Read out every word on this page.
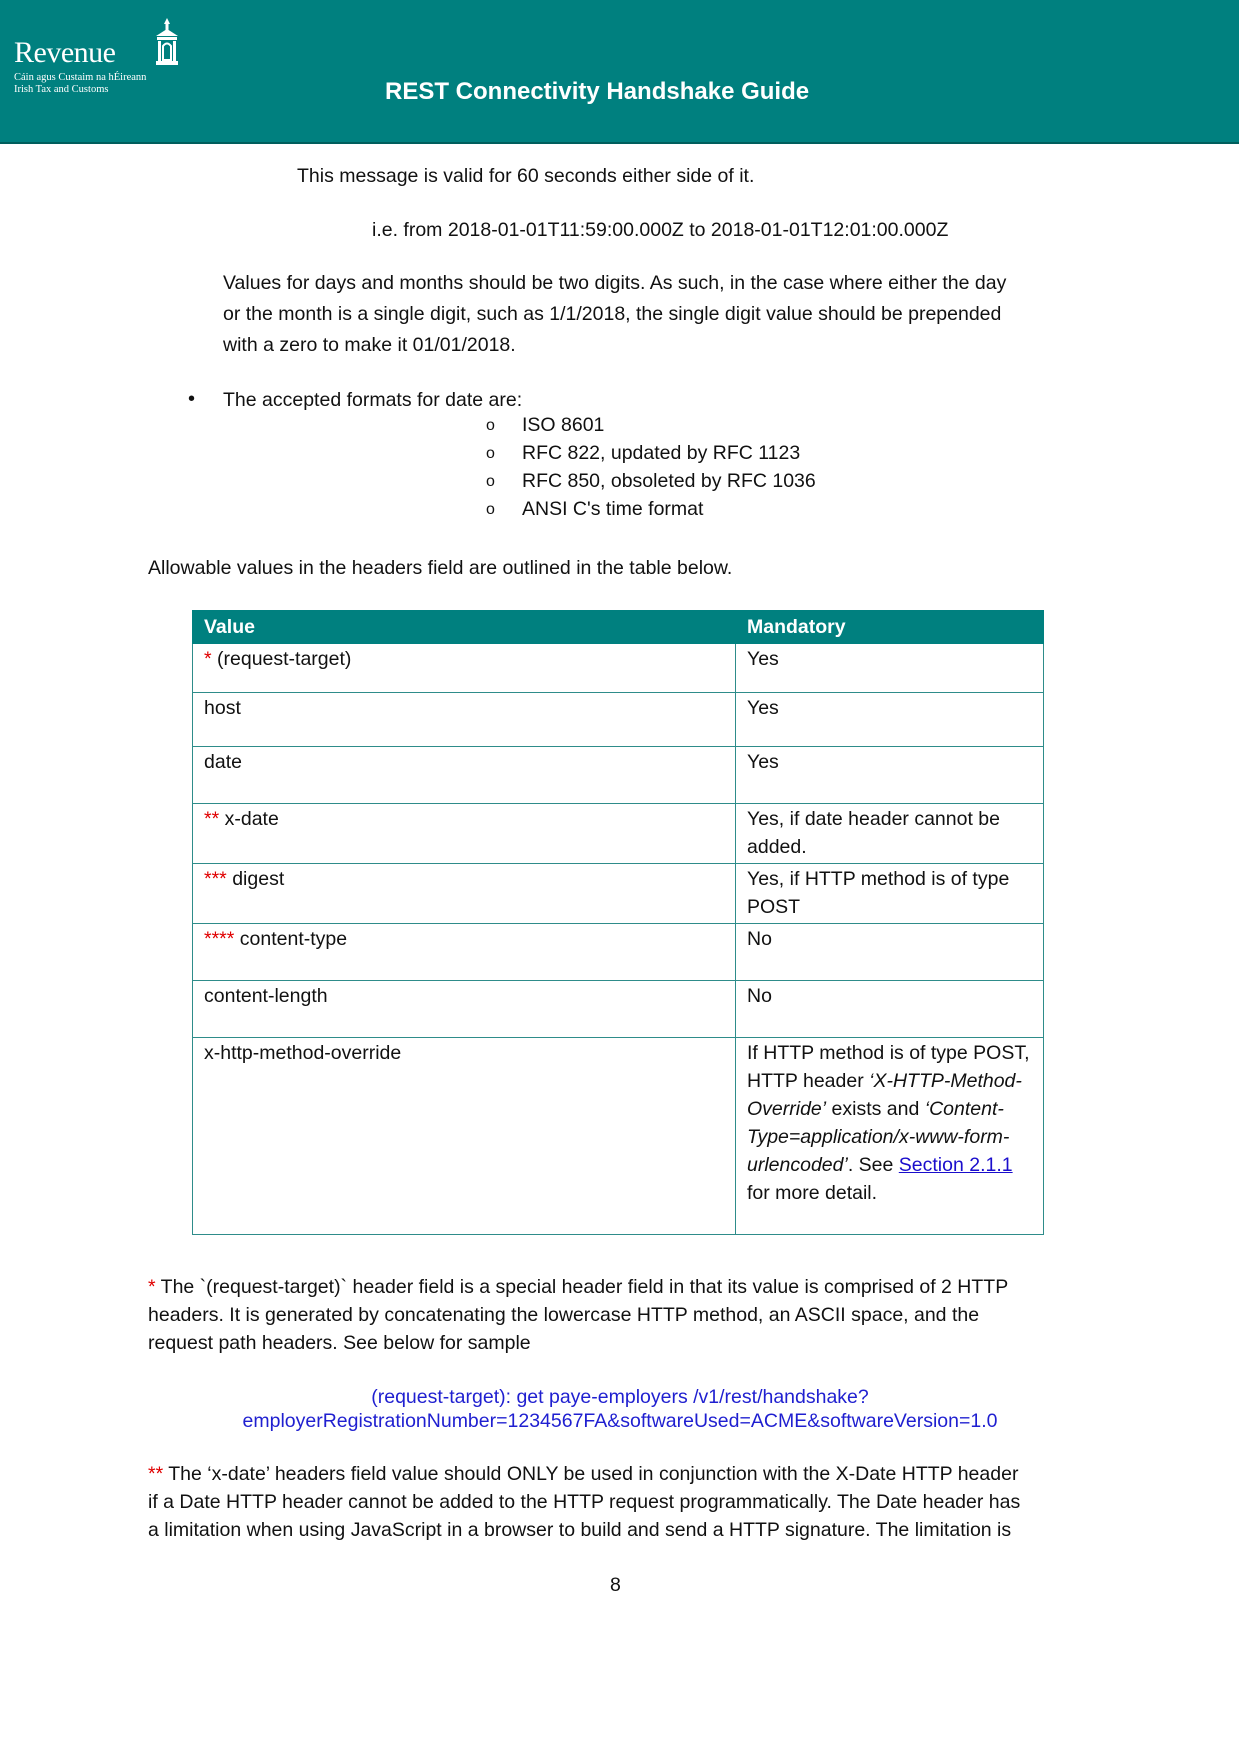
Revenue
Cáin agus Custaim na hÉireann
Irish Tax and Customs	REST Connectivity Handshake Guide
This message is valid for 60 seconds either side of it.
i.e. from 2018-01-01T11:59:00.000Z to 2018-01-01T12:01:00.000Z
Values for days and months should be two digits. As such, in the case where either the day
or the month is a single digit, such as 1/1/2018, the single digit value should be prepended
with a zero to make it 01/01/2018.
• The accepted formats for date are:
o ISO 8601
o RFC 822, updated by RFC 1123
o RFC 850, obsoleted by RFC 1036
o ANSI C's time format
Allowable values in the headers field are outlined in the table below.
Value	Mandatory
* (request-target)	Yes
host	Yes
date	Yes
** x-date	Yes, if date header cannot be added.
*** digest	Yes, if HTTP method is of type POST
**** content-type	No
content-length	No
x-http-method-override	If HTTP method is of type POST, HTTP header ‘X-HTTP-Method-Override’ exists and ‘Content-Type=application/x-www-form-urlencoded’. See Section 2.1.1 for more detail.
* The `(request-target)` header field is a special header field in that its value is comprised of 2 HTTP
headers. It is generated by concatenating the lowercase HTTP method, an ASCII space, and the
request path headers. See below for sample
(request-target): get paye-employers /v1/rest/handshake?
employerRegistrationNumber=1234567FA&softwareUsed=ACME&softwareVersion=1.0
** The ‘x-date’ headers field value should ONLY be used in conjunction with the X-Date HTTP header
if a Date HTTP header cannot be added to the HTTP request programmatically. The Date header has
a limitation when using JavaScript in a browser to build and send a HTTP signature. The limitation is
8
